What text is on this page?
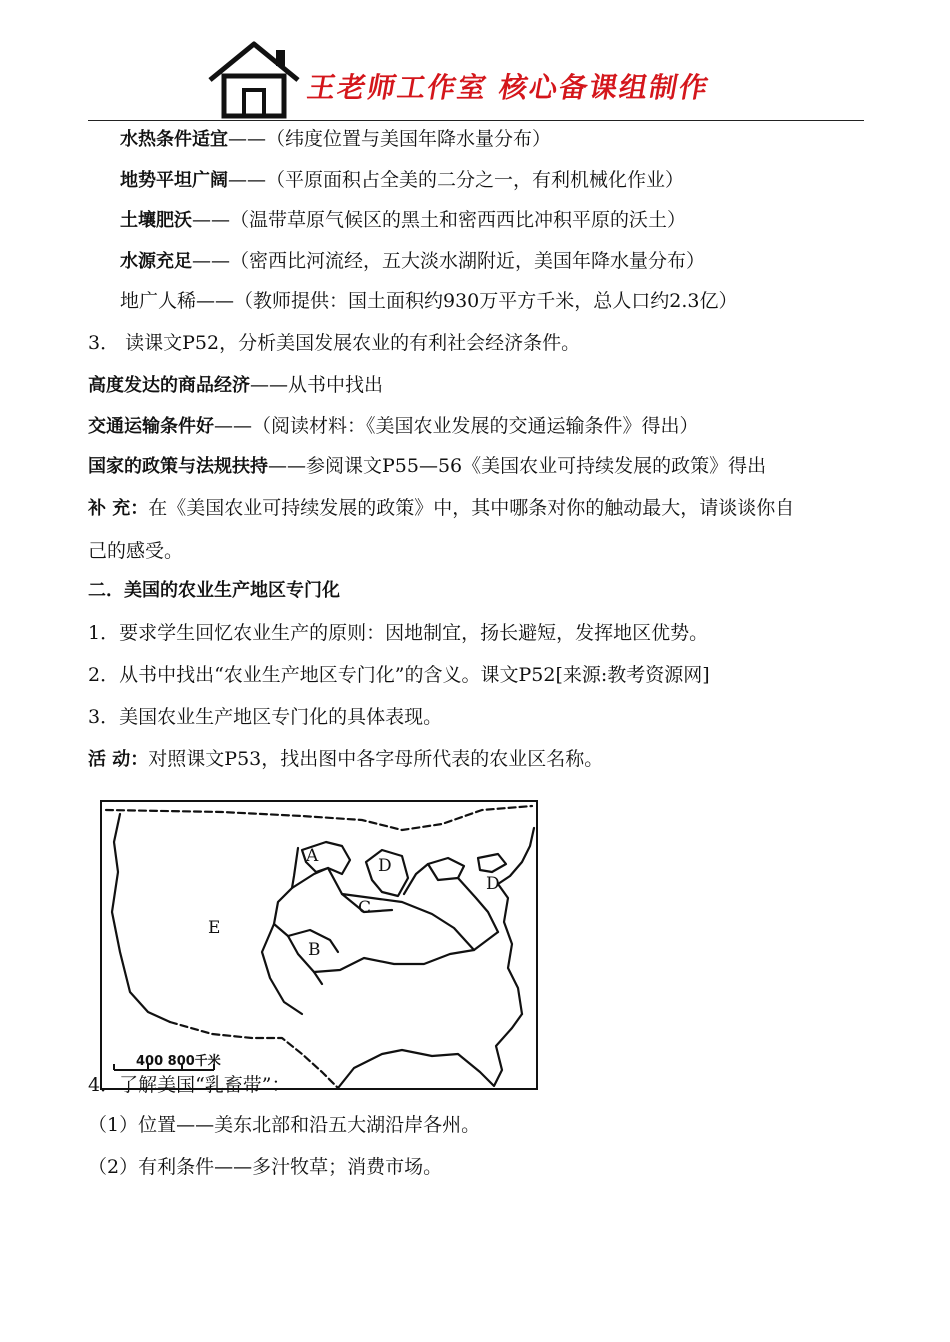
王老师工作室 核心备课组制作
水热条件适宜——（纬度位置与美国年降水量分布）
地势平坦广阔——（平原面积占全美的二分之一，有利机械化作业）
土壤肥沃——（温带草原气候区的黑土和密西西比冲积平原的沃土）
水源充足——（密西比河流经，五大淡水湖附近，美国年降水量分布）
地广人稀——（教师提供：国土面积约930万平方千米，总人口约2.3亿）
3． 读课文P52，分析美国发展农业的有利社会经济条件。
高度发达的商品经济——从书中找出
交通运输条件好——（阅读材料：《美国农业发展的交通运输条件》得出）
国家的政策与法规扶持——参阅课文P55—56《美国农业可持续发展的政策》得出
补 充：在《美国农业可持续发展的政策》中，其中哪条对你的触动最大，请谈谈你自
己的感受。
二．美国的农业生产地区专门化
1．要求学生回忆农业生产的原则：因地制宜，扬长避短，发挥地区优势。
2．从书中找出“农业生产地区专门化”的含义。课文P52[来源:教考资源网]
3．美国农业生产地区专门化的具体表现。
活 动：对照课文P53，找出图中各字母所代表的农业区名称。
A
B
C
D
D
E
400 800千米
4．了解美国“乳畜带”：
（1）位置——美东北部和沿五大湖沿岸各州。
（2）有利条件——多汁牧草；消费市场。
